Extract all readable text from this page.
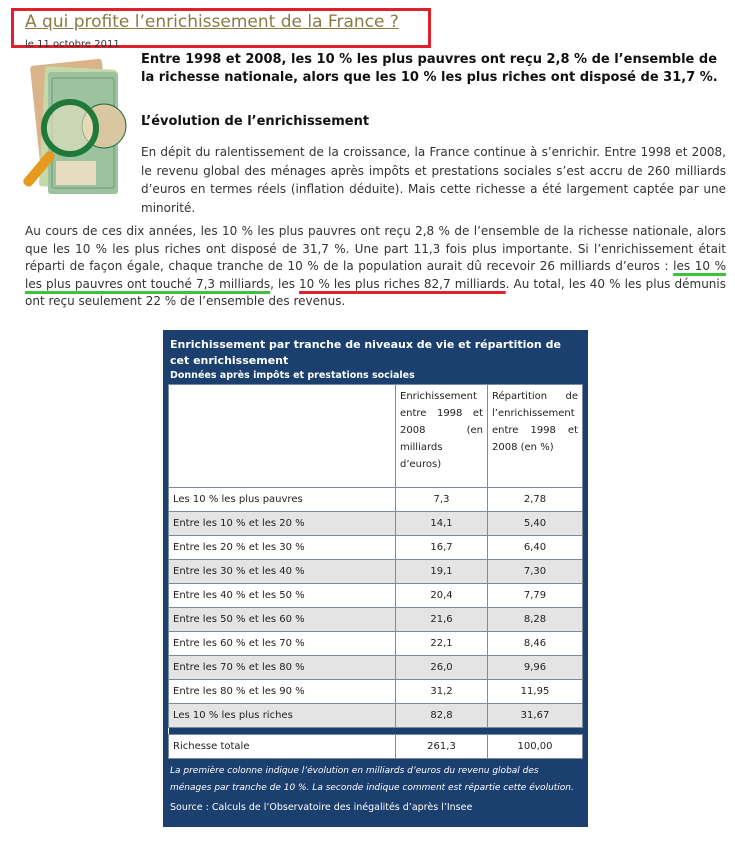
A qui profite l’enrichissement de la France ?
le 11 octobre 2011
Entre 1998 et 2008, les 10 % les plus pauvres ont reçu 2,8 % de l’ensemble de la richesse nationale, alors que les 10 % les plus riches ont disposé de 31,7 %.
L’évolution de l’enrichissement
En dépit du ralentissement de la croissance, la France continue à s’enrichir. Entre 1998 et 2008, le revenu global des ménages après impôts et prestations sociales s’est accru de 260 milliards d’euros en termes réels (inflation déduite). Mais cette richesse a été largement captée par une minorité.
Au cours de ces dix années, les 10 % les plus pauvres ont reçu 2,8 % de l’ensemble de la richesse nationale, alors que les 10 % les plus riches ont disposé de 31,7 %. Une part 11,3 fois plus importante. Si l’enrichissement était réparti de façon égale, chaque tranche de 10 % de la population aurait dû recevoir 26 milliards d’euros : les 10 % les plus pauvres ont touché 7,3 milliards, les 10 % les plus riches 82,7 milliards. Au total, les 40 % les plus démunis ont reçu seulement 22 % de l’ensemble des revenus.
Enrichissement par tranche de niveaux de vie et répartition de cet enrichissement
Données après impôts et prestations sociales
	Enrichissement entre 1998 et 2008 (en milliards d’euros)	Répartition de l’enrichissement entre 1998 et 2008 (en %)
Les 10 % les plus pauvres	7,3	2,78
Entre les 10 % et les 20 %	14,1	5,40
Entre les 20 % et les 30 %	16,7	6,40
Entre les 30 % et les 40 %	19,1	7,30
Entre les 40 % et les 50 %	20,4	7,79
Entre les 50 % et les 60 %	21,6	8,28
Entre les 60 % et les 70 %	22,1	8,46
Entre les 70 % et les 80 %	26,0	9,96
Entre les 80 % et les 90 %	31,2	11,95
Les 10 % les plus riches	82,8	31,67

Richesse totale	261,3	100,00
La première colonne indique l’évolution en milliards d’euros du revenu global des ménages par tranche de 10 %. La seconde indique comment est répartie cette évolution.
Source : Calculs de l’Observatoire des inégalités d’après l’Insee
